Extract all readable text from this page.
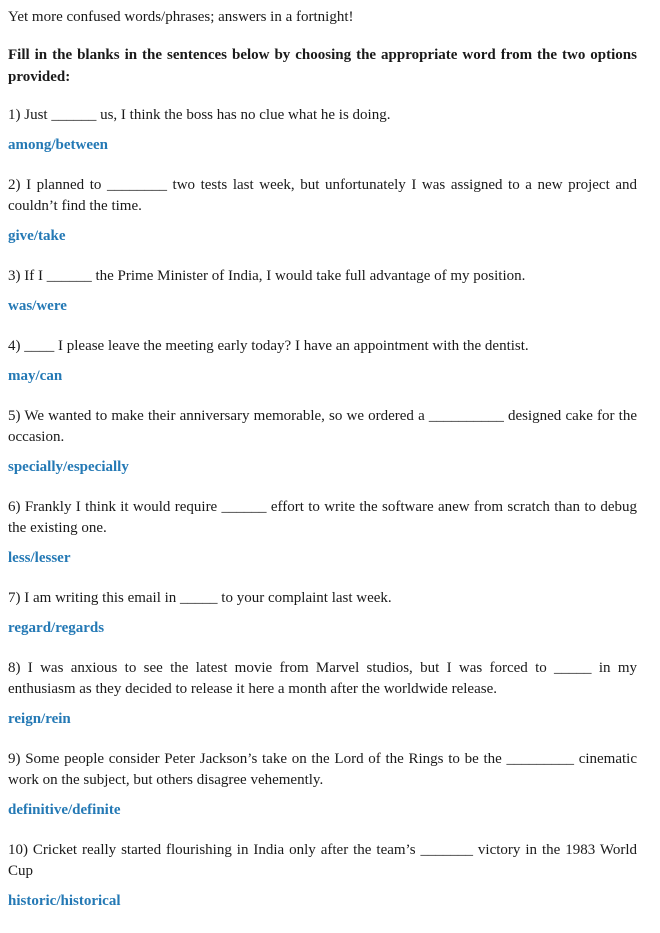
Yet more confused words/phrases; answers in a fortnight!

Fill in the blanks in the sentences below by choosing the appropriate word from the two options provided:

1) Just ______ us, I think the boss has no clue what he is doing.

among/between

2) I planned to ________ two tests last week, but unfortunately I was assigned to a new project and couldn’t find the time.

give/take

3) If I ______ the Prime Minister of India, I would take full advantage of my position.

was/were

4) ____ I please leave the meeting early today? I have an appointment with the dentist.

may/can

5) We wanted to make their anniversary memorable, so we ordered a __________ designed cake for the occasion.

specially/especially

6) Frankly I think it would require ______ effort to write the software anew from scratch than to debug the existing one.

less/lesser

7) I am writing this email in _____ to your complaint last week.

regard/regards

8) I was anxious to see the latest movie from Marvel studios, but I was forced to _____ in my enthusiasm as they decided to release it here a month after the worldwide release.

reign/rein

9) Some people consider Peter Jackson’s take on the Lord of the Rings to be the _________ cinematic work on the subject, but others disagree vehemently.

definitive/definite

10) Cricket really started flourishing in India only after the team’s _______ victory in the 1983 World Cup

historic/historical
